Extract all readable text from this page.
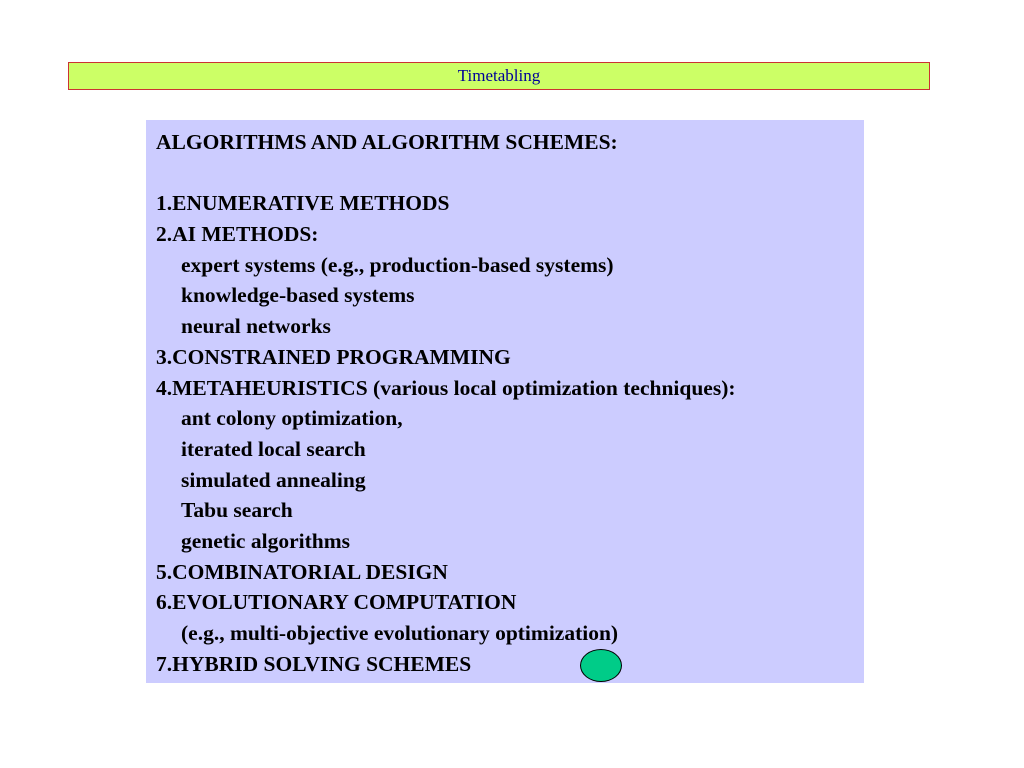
Timetabling
ALGORITHMS AND ALGORITHM SCHEMES:
1.ENUMERATIVE METHODS
2.AI METHODS:
expert systems (e.g., production-based systems)
knowledge-based systems
neural networks
3.CONSTRAINED PROGRAMMING
4.METAHEURISTICS (various local optimization techniques):
ant colony optimization,
iterated local search
simulated annealing
Tabu search
genetic algorithms
5.COMBINATORIAL DESIGN
6.EVOLUTIONARY COMPUTATION
(e.g., multi-objective evolutionary optimization)
7.HYBRID SOLVING SCHEMES
